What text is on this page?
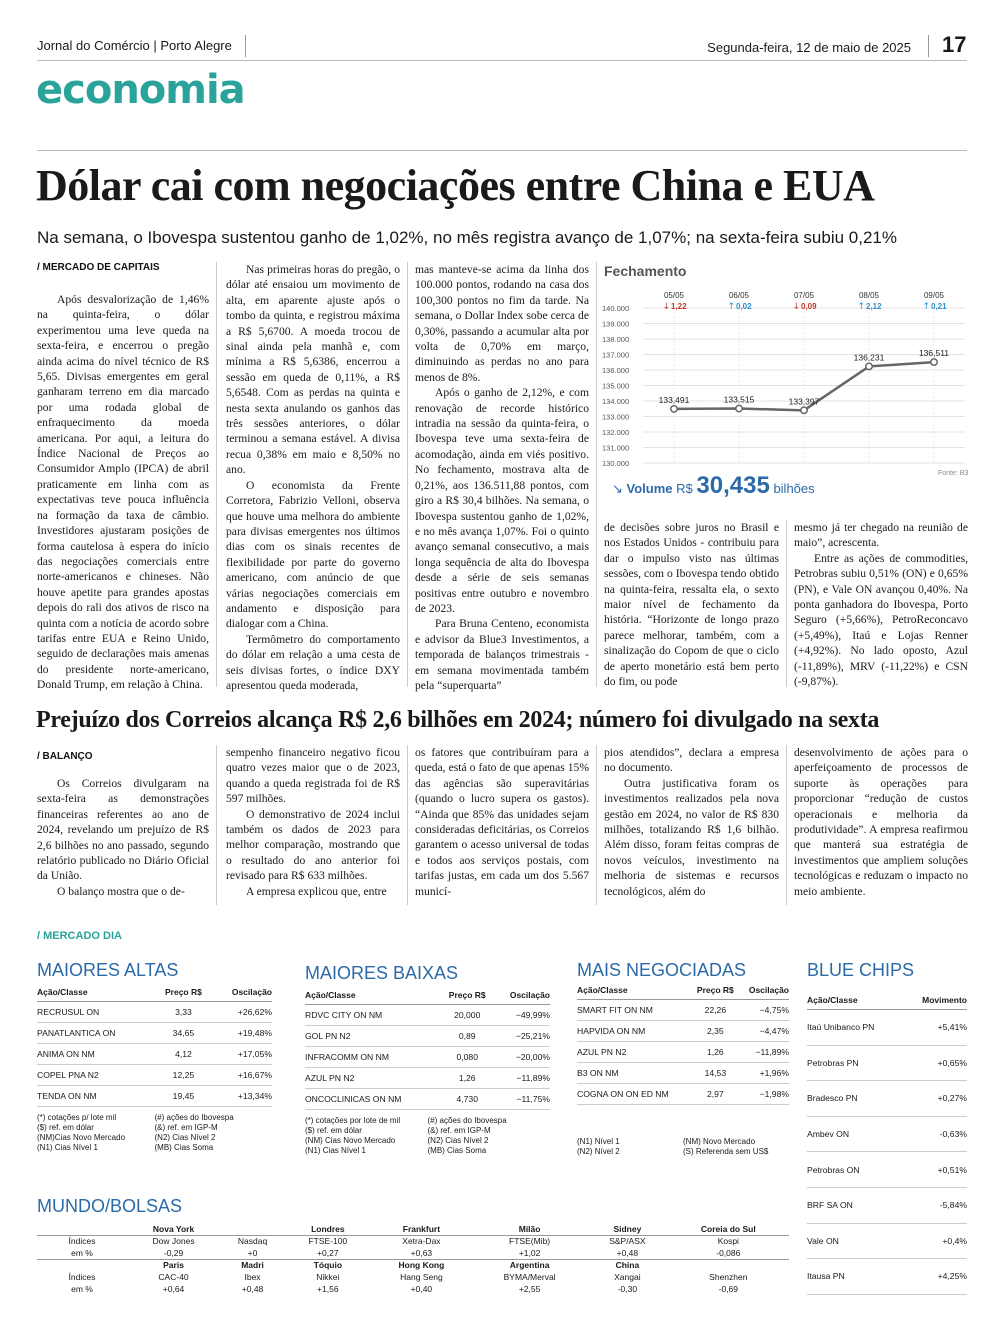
Jornal do Comércio | Porto Alegre	Segunda-feira, 12 de maio de 2025 17
economia
Dólar cai com negociações entre China e EUA
Na semana, o Ibovespa sustentou ganho de 1,02%, no mês registra avanço de 1,07%; na sexta-feira subiu 0,21%
/ MERCADO DE CAPITAIS

Após desvalorização de 1,46% na quinta-feira, o dólar experimentou uma leve queda na sexta-feira, e encerrou o pregão ainda acima do nível técnico de R$ 5,65. Divisas emergentes em geral ganharam terreno em dia marcado por uma rodada global de enfraquecimento da moeda americana. Por aqui, a leitura do Índice Nacional de Preços ao Consumidor Amplo (IPCA) de abril praticamente em linha com as expectativas teve pouca influência na formação da taxa de câmbio. Investidores ajustaram posições de forma cautelosa à espera do início das negociações comerciais entre norte-americanos e chineses. Não houve apetite para grandes apostas depois do rali dos ativos de risco na quinta com a notícia de acordo sobre tarifas entre EUA e Reino Unido, seguido de declarações mais amenas do presidente norte-americano, Donald Trump, em relação à China.

Nas primeiras horas do pregão, o dólar até ensaiou um movimento de alta, em aparente ajuste após o tombo da quinta, e registrou máxima a R$ 5,6700. A moeda trocou de sinal ainda pela manhã e, com mínima a R$ 5,6386, encerrou a sessão em queda de 0,11%, a R$ 5,6548. Com as perdas na quinta e nesta sexta anulando os ganhos das três sessões anteriores, o dólar terminou a semana estável. A divisa recua 0,38% em maio e 8,50% no ano.

O economista da Frente Corretora, Fabrizio Velloni, observa que houve uma melhora do ambiente para divisas emergentes nos últimos dias com os sinais recentes de flexibilidade por parte do governo americano, com anúncio de que várias negociações comerciais em andamento e disposição para dialogar com a China.

Termômetro do comportamento do dólar em relação a uma cesta de seis divisas fortes, o índice DXY apresentou queda moderada,

mas manteve-se acima da linha dos 100.000 pontos, rodando na casa dos 100,300 pontos no fim da tarde. Na semana, o Dollar Index sobe cerca de 0,30%, passando a acumular alta por volta de 0,70% em março, diminuindo as perdas no ano para menos de 8%.

Após o ganho de 2,12%, e com renovação de recorde histórico intradia na sessão da quinta-feira, o Ibovespa teve uma sexta-feira de acomodação, ainda em viés positivo. No fechamento, mostrava alta de 0,21%, aos 136.511,88 pontos, com giro a R$ 30,4 bilhões. Na semana, o Ibovespa sustentou ganho de 1,02%, e no mês avança 1,07%. Foi o quinto avanço semanal consecutivo, a mais longa sequência de alta do Ibovespa desde a série de seis semanas positivas entre outubro e novembro de 2023.

Para Bruna Centeno, economista e advisor da Blue3 Investimentos, a temporada de balanços trimestrais - em semana movimentada também pela “superquarta”

Fechamento
140.000
139.000
138.000
137.000
136.000
135.000
134.000
133.000
132.000
131.000
130.000
05/05
↓ 1,22
06/05
↑ 0,02
07/05
↓ 0,09
08/05
↑ 2,12
09/05
↑ 0,21
133,491	133,515	133,397
136,231	136,511
Fonte: B3
↘ Volume R$ 30,435 bilhões

de decisões sobre juros no Brasil e nos Estados Unidos - contribuiu para dar o impulso visto nas últimas sessões, com o Ibovespa tendo obtido na quinta-feira, ressalta ela, o sexto maior nível de fechamento da história. “Horizonte de longo prazo parece melhorar, também, com a sinalização do Copom de que o ciclo de aperto monetário está bem perto do fim, ou pode

mesmo já ter chegado na reunião de maio”, acrescenta.

Entre as ações de commodities, Petrobras subiu 0,51% (ON) e 0,65% (PN), e Vale ON avançou 0,40%. Na ponta ganhadora do Ibovespa, Porto Seguro (+5,66%), PetroReconcavo (+5,49%), Itaú e Lojas Renner (+4,92%). No lado oposto, Azul (-11,89%), MRV (-11,22%) e CSN (-9,87%).

Prejuízo dos Correios alcança R$ 2,6 bilhões em 2024; número foi divulgado na sexta
/ BALANÇO

Os Correios divulgaram na sexta-feira as demonstrações financeiras referentes ao ano de 2024, revelando um prejuízo de R$ 2,6 bilhões no ano passado, segundo relatório publicado no Diário Oficial da União.

O balanço mostra que o de-

sempenho financeiro negativo ficou quatro vezes maior que o de 2023, quando a queda registrada foi de R$ 597 milhões.

O demonstrativo de 2024 inclui também os dados de 2023 para melhor comparação, mostrando que o resultado do ano anterior foi revisado para R$ 633 milhões.

A empresa explicou que, entre

os fatores que contribuíram para a queda, está o fato de que apenas 15% das agências são superavitárias (quando o lucro supera os gastos). “Ainda que 85% das unidades sejam consideradas deficitárias, os Correios garantem o acesso universal de todas e todos aos serviços postais, com tarifas justas, em cada um dos 5.567 municí-

pios atendidos”, declara a empresa no documento.

Outra justificativa foram os investimentos realizados pela nova gestão em 2024, no valor de R$ 830 milhões, totalizando R$ 1,6 bilhão. Além disso, foram feitas compras de novos veículos, investimento na melhoria de sistemas e recursos tecnológicos, além do

desenvolvimento de ações para o aperfeiçoamento de processos de suporte às operações para proporcionar “redução de custos operacionais e melhoria da produtividade”. A empresa reafirmou que manterá sua estratégia de investimentos que ampliem soluções tecnológicas e reduzam o impacto no meio ambiente.

/ MERCADO DIA
MAIORES ALTAS
Ação/Classe	Preço R$	Oscilação
RECRUSUL ON	3,33	+26,62%
PANATLANTICA ON	34,65	+19,48%
ANIMA ON NM	4,12	+17,05%
COPEL PNA N2	12,25	+16,67%
TENDA ON NM	19,45	+13,34%
(*) cotações p/ lote mil	(#) ações do Ibovespa
($) ref. em dólar	(&) ref. em IGP-M
(NM)Cias Novo Mercado	(N2) Cias Nível 2
(N1) Cias Nível 1	(MB) Cias Soma
MAIORES BAIXAS
Ação/Classe	Preço R$	Oscilação
RDVC CITY ON NM	20,000	−49,99%
GOL PN N2	0,89	−25,21%
INFRACOMM ON NM	0,080	−20,00%
AZUL PN N2	1,26	−11,89%
ONCOCLINICAS ON NM	4,730	−11,75%
(*) cotações por lote de mil	(#) ações do Ibovespa
($) ref. em dólar	(&) ref. em IGP-M
(NM) Cias Novo Mercado	(N2) Cias Nível 2
(N1) Cias Nível 1	(MB) Cias Soma
MAIS NEGOCIADAS
Ação/Classe	Preço R$	Oscilação
SMART FIT ON NM	22,26	−4,75%
HAPVIDA ON NM	2,35	−4,47%
AZUL PN N2	1,26	−11,89%
B3 ON NM	14,53	+1,96%
COGNA ON ON ED NM	2,97	−1,98%
(N1) Nível 1	(NM) Novo Mercado
(N2) Nível 2	(S) Referenda sem US$
BLUE CHIPS
Ação/Classe	Movimento
Itaú Unibanco PN	+5,41%
Petrobras PN	+0,65%
Bradesco PN	+0,27%
Ambev ON	-0,63%
Petrobras ON	+0,51%
BRF SA ON	-5,84%
Vale ON	+0,4%
Itausa PN	+4,25%
MUNDO/BOLSAS
	Nova York		Londres	Frankfurt	Milão	Sidney	Coreia do Sul
Índices	Dow Jones	Nasdaq	FTSE-100	Xetra-Dax	FTSE(Mib)	S&P/ASX	Kospi
em %	-0,29	+0	+0,27	+0,63	+1,02	+0,48	-0,086
	Paris	Madri	Tóquio	Hong Kong	Argentina	China	
Índices	CAC-40	Ibex	Nikkei	Hang Seng	BYMA/Merval	Xangai	Shenzhen
em %	+0,64	+0,48	+1,56	+0,40	+2,55	-0,30	-0,69
